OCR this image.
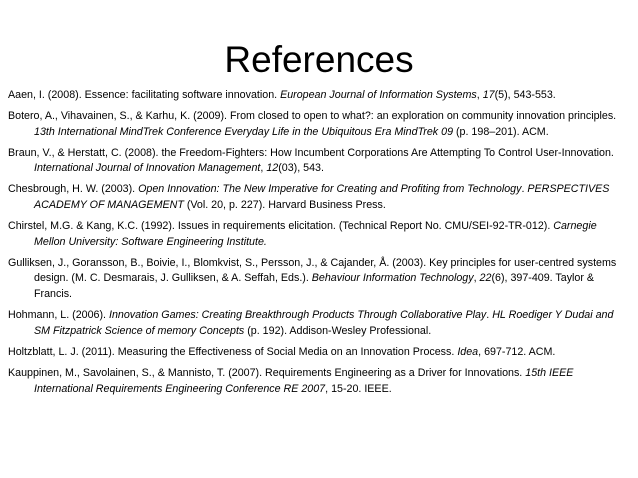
References

Aaen, I. (2008). Essence: facilitating software innovation. European Journal of Information Systems, 17(5), 543-553.

Botero, A., Vihavainen, S., & Karhu, K. (2009). From closed to open to what?: an exploration on community innovation principles. 13th International MindTrek Conference Everyday Life in the Ubiquitous Era MindTrek 09 (p. 198–201). ACM.

Braun, V., & Herstatt, C. (2008). the Freedom-Fighters: How Incumbent Corporations Are Attempting To Control User-Innovation. International Journal of Innovation Management, 12(03), 543.

Chesbrough, H. W. (2003). Open Innovation: The New Imperative for Creating and Profiting from Technology. PERSPECTIVES ACADEMY OF MANAGEMENT (Vol. 20, p. 227). Harvard Business Press.

Chirstel, M.G. & Kang, K.C. (1992). Issues in requirements elicitation. (Technical Report No. CMU/SEI-92-TR-012). Carnegie Mellon University: Software Engineering Institute.

Gulliksen, J., Goransson, B., Boivie, I., Blomkvist, S., Persson, J., & Cajander, Å. (2003). Key principles for user-centred systems design. (M. C. Desmarais, J. Gulliksen, & A. Seffah, Eds.). Behaviour Information Technology, 22(6), 397-409. Taylor & Francis.

Hohmann, L. (2006). Innovation Games: Creating Breakthrough Products Through Collaborative Play. HL Roediger Y Dudai and SM Fitzpatrick Science of memory Concepts (p. 192). Addison-Wesley Professional.

Holtzblatt, L. J. (2011). Measuring the Effectiveness of Social Media on an Innovation Process. Idea, 697-712. ACM.

Kauppinen, M., Savolainen, S., & Mannisto, T. (2007). Requirements Engineering as a Driver for Innovations. 15th IEEE International Requirements Engineering Conference RE 2007, 15-20. IEEE.
